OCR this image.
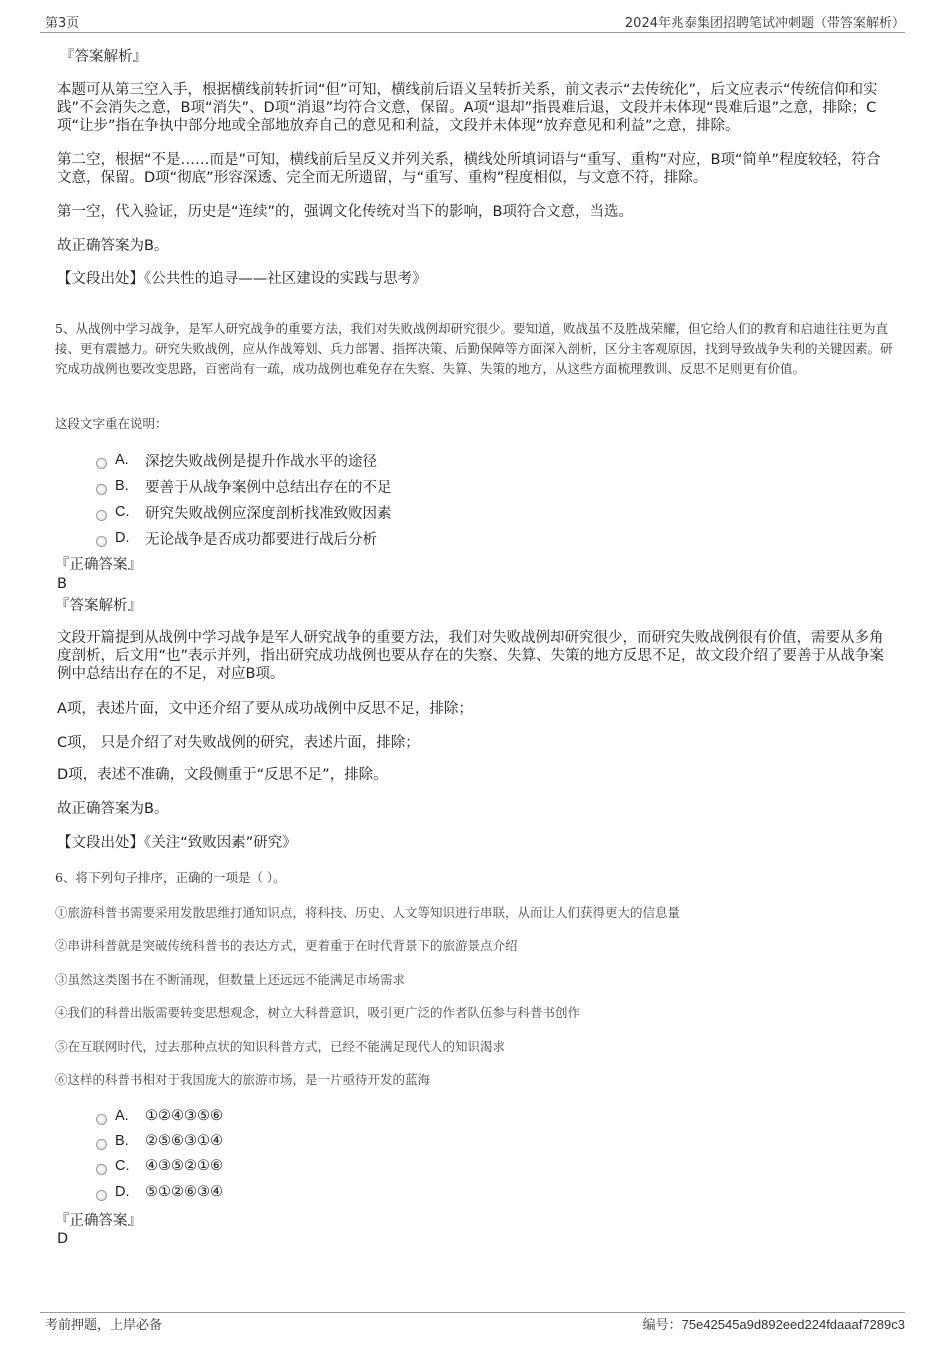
第3页	2024年兆泰集团招聘笔试冲刺题（带答案解析）
『答案解析』
本题可从第三空入手，根据横线前转折词“但”可知，横线前后语义呈转折关系，前文表示“去传统化”，后文应表示“传统信仰和实践”不会消失之意，B项“消失”、D项“消退”均符合文意，保留。A项“退却”指畏难后退，文段并未体现“畏难后退”之意，排除；C项“让步”指在争执中部分地或全部地放弃自己的意见和利益，文段并未体现“放弃意见和利益”之意，排除。
第二空，根据“不是……而是”可知，横线前后呈反义并列关系，横线处所填词语与“重写、重构”对应，B项“简单”程度较轻，符合文意，保留。D项“彻底”形容深透、完全而无所遗留，与“重写、重构”程度相似，与文意不符，排除。
第一空，代入验证，历史是“连续”的，强调文化传统对当下的影响，B项符合文意，当选。
故正确答案为B。
【文段出处】《公共性的追寻——社区建设的实践与思考》
5、从战例中学习战争，是军人研究战争的重要方法，我们对失败战例却研究很少。要知道，败战虽不及胜战荣耀，但它给人们的教育和启迪往往更为直接、更有震撼力。研究失败战例，应从作战筹划、兵力部署、指挥决策、后勤保障等方面深入剖析，区分主客观原因，找到导致战争失利的关键因素。研究成功战例也要改变思路，百密尚有一疏，成功战例也难免存在失察、失算、失策的地方，从这些方面梳理教训、反思不足则更有价值。
这段文字重在说明：
A.	深挖失败战例是提升作战水平的途径
B.	要善于从战争案例中总结出存在的不足
C.	研究失败战例应深度剖析找准致败因素
D.	无论战争是否成功都要进行战后分析
『正确答案』
B
『答案解析』
文段开篇提到从战例中学习战争是军人研究战争的重要方法，我们对失败战例却研究很少，而研究失败战例很有价值，需要从多角度剖析，后文用“也”表示并列，指出研究成功战例也要从存在的失察、失算、失策的地方反思不足，故文段介绍了要善于从战争案例中总结出存在的不足，对应B项。
A项，表述片面，文中还介绍了要从成功战例中反思不足，排除；
C项， 只是介绍了对失败战例的研究，表述片面，排除；
D项，表述不准确，文段侧重于“反思不足”，排除。
故正确答案为B。
【文段出处】《关注“致败因素”研究》
6、将下列句子排序，正确的一项是（ ）。
①旅游科普书需要采用发散思维打通知识点，将科技、历史、人文等知识进行串联，从而让人们获得更大的信息量
②串讲科普就是突破传统科普书的表达方式，更着重于在时代背景下的旅游景点介绍
③虽然这类图书在不断涌现，但数量上还远远不能满足市场需求
④我们的科普出版需要转变思想观念，树立大科普意识，吸引更广泛的作者队伍参与科普书创作
⑤在互联网时代，过去那种点状的知识科普方式，已经不能满足现代人的知识渴求
⑥这样的科普书相对于我国庞大的旅游市场，是一片亟待开发的蓝海
A.	①②④③⑤⑥
B.	②⑤⑥③①④
C.	④③⑤②①⑥
D.	⑤①②⑥③④
『正确答案』
D
考前押题，上岸必备	编号：75e42545a9d892eed224fdaaaf7289c3
